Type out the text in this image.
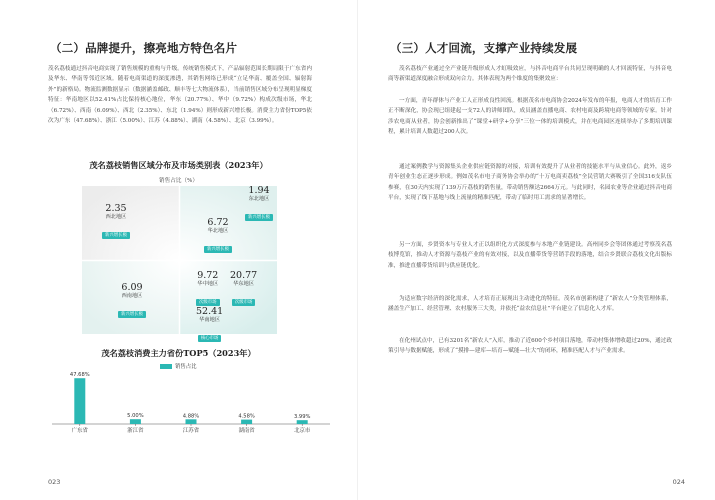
（二）品牌提升，擦亮地方特色名片
茂名荔枝通过抖音电商实现了销售规模的重构与升级。传统销售模式下，产品辐射范围长期局限于广东省内及华东、华南等邻近区域。随着电商渠道的深度渗透，其销售网络已形成“立足华南、覆盖全国、辐射海外”的新格局。物流监测数据显示（数据涵盖邮政、顺丰等七大物流体系），当前销售区域分布呈现明显梯度特征：华南地区以52.41%占比保持核心地位，华东（20.77%）、华中（9.72%）构成次级市场，华北（6.72%）、西南（6.09%）、西北（2.35%）、东北（1.94%）则形成新兴增长极。消费主力省份TOP5依次为广东（47.68%）、浙江（5.00%）、江苏（4.88%）、湖南（4.58%）、北京（3.99%）。
茂名荔枝销售区域分布及市场类别表（2023年）
销售占比（%）
2.35
西北地区
新兴增长极
1.94
东北地区
新兴增长极
6.72
华北地区
新兴增长极
6.09
西南地区
新兴增长极
9.72
华中地区
次级市场
20.77
华东地区
次级市场
52.41
华南地区
核心市场
茂名荔枝消费主力省份TOP5（2023年）
销售占比
47.68%
广东省
5.00%
浙江省
4.88%
江苏省
4.58%
湖南省
3.99%
北京市
023
（三）人才回流，支撑产业持续发展
茂名荔枝产业通过全产业链升级形成人才虹吸效应，与抖音电商平台共同呈现明确的人才回流特征，与抖音电商等新渠道深度融合形成双向合力。其体表现为两个维度的集聚效应：
一方面，青年群体与产业工人正形成良性回流。根据茂名市电商协会2024年发布的年报，电商人才的培育工作正不断深化，协会现已组建起一支72人的讲师团队，成员涵盖直播电商、农村电商及跨境电商等领域的专家。针对涉农电商从业者，协会创新推出了“课堂+研学+分享”三位一体的培训模式，并在电商园区连续举办了多期培训课程，累计培训人数超过200人次。
通过案例教学与资源集头企业供应链资源的对接，培训有效提升了从业者的技能水平与从业信心。此外，返乡青年创业生态正逐步形成。例如茂名市电子商务协会举办的“十万电商卖荔枝”全民营销大赛吸引了全国316支队伍参赛，在30天内实现了139万斤荔枝的销售量，带动销售额达2664万元。与此同时，名园农业等企业通过抖音电商平台，实现了线下基地与线上流量的精准匹配，带动了临时用工需求的显著增长。
另一方面，乡贤资本与专业人才正以组织化方式深度参与本地产业链建设。高州同乡会等团体通过考察茂名荔枝博览馆，推动人才资源与荔枝产业的有效对接，以及直播带货等营销手段的落地，结合乡贤联合荔枝文化出版标准，推进直播带货培训与供应链优化。
为适应数字经济的深化需求，人才培育正展现出主动进化的特征。茂名市创新构建了“新农人”分类管理体系，涵盖生产加工、经营管理、农村服务三大类，并依托“益农信息社”平台建立了信息化人才库。
在化州试点中，已有3201名“新农人”入库，推动了近600个乡村项目落地，带动村集体增收超过20%，通过政策引导与数据赋能，形成了“摸排—建库—培育—赋能—壮大”的闭环，精准匹配人才与产业需求。
024
